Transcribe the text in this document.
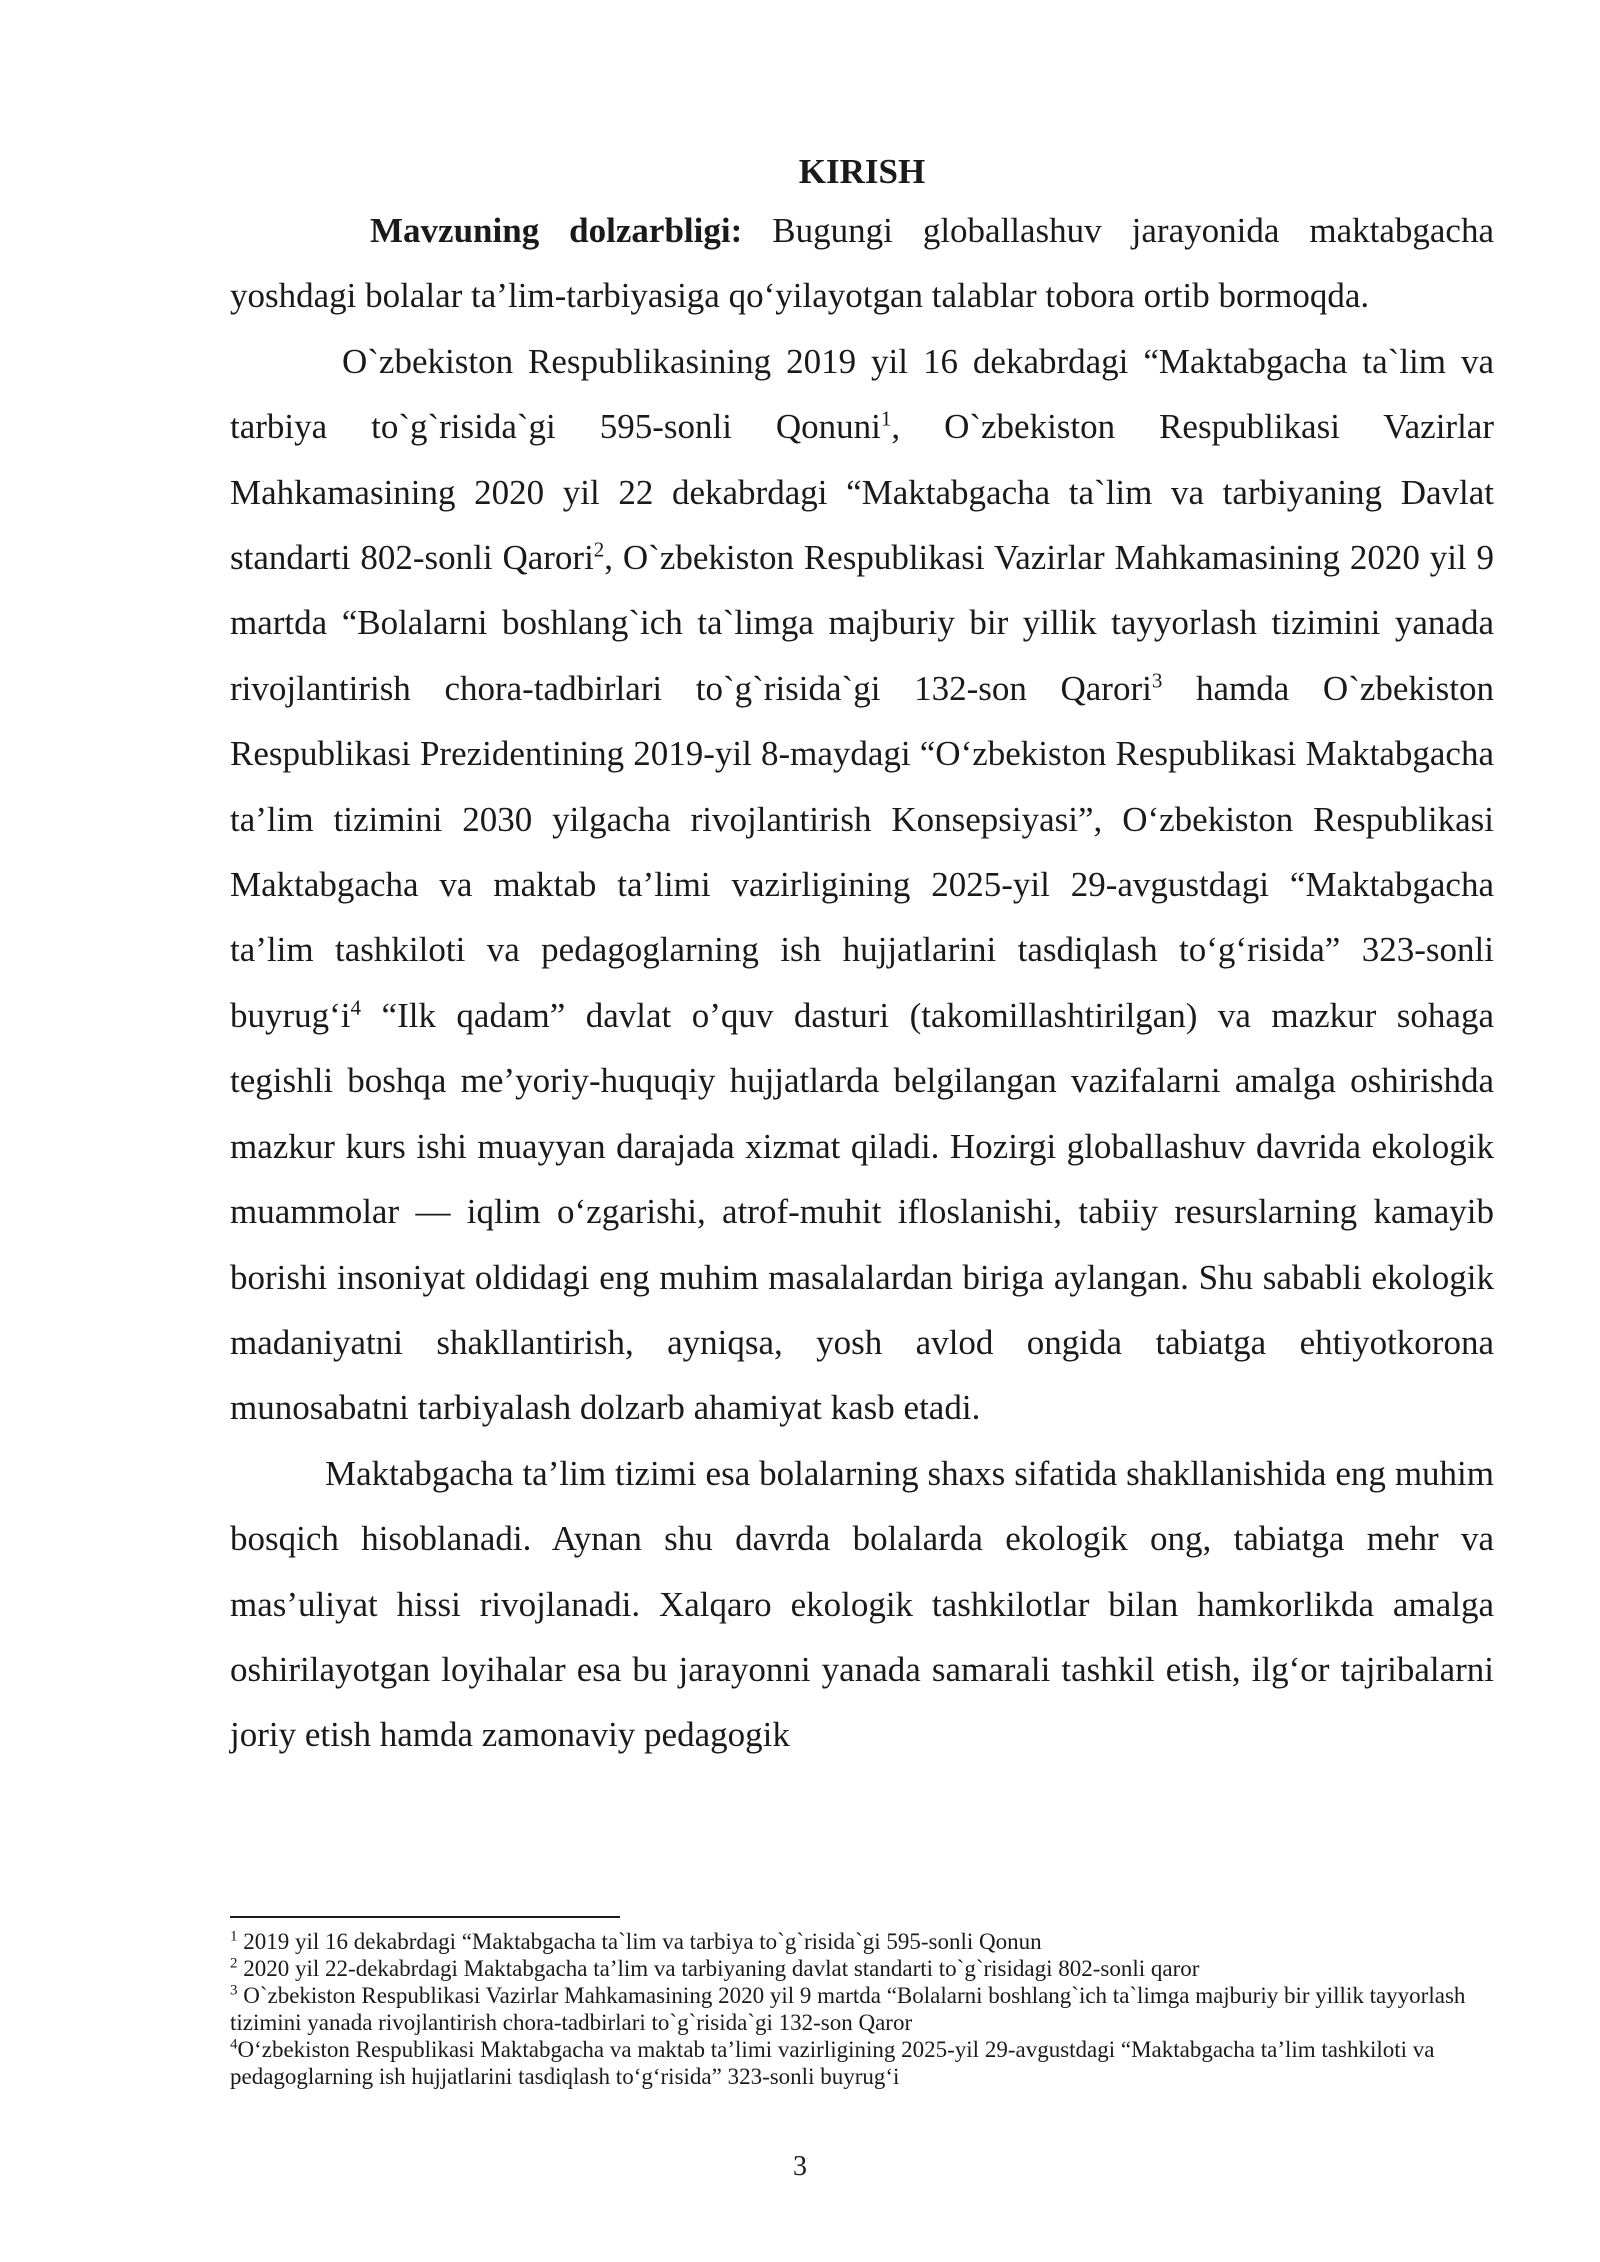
KIRISH

Mavzuning dolzarbligi: Bugungi globallashuv jarayonida maktabgacha yoshdagi bolalar ta’lim-tarbiyasiga qo‘yilayotgan talablar tobora ortib bormoqda.

O`zbekiston Respublikasining 2019 yil 16 dekabrdagi “Maktabgacha ta`lim va tarbiya to`g`risida`gi 595-sonli Qonuni$^1$, O`zbekiston Respublikasi Vazirlar Mahkamasining 2020 yil 22 dekabrdagi “Maktabgacha ta`lim va tarbiyaning Davlat standarti 802-sonli Qarori$^2$, O`zbekiston Respublikasi Vazirlar Mahkamasining 2020 yil 9 martda “Bolalarni boshlang`ich ta`limga majburiy bir yillik tayyorlash tizimini yanada rivojlantirish chora-tadbirlari to`g`risida`gi 132-son Qarori$^3$ hamda O`zbekiston Respublikasi Prezidentining 2019-yil 8-maydagi “O‘zbekiston Respublikasi Maktabgacha ta’lim tizimini 2030 yilgacha rivojlantirish Konsepsiyasi”, O‘zbekiston Respublikasi Maktabgacha va maktab ta’limi vazirligining 2025-yil 29-avgustdagi “Maktabgacha ta’lim tashkiloti va pedagoglarning ish hujjatlarini tasdiqlash to‘g‘risida” 323-sonli $buyrug‘i^4$ “Ilk qadam” davlat o’quv dasturi (takomillashtirilgan) va mazkur sohaga tegishli boshqa me’yoriy-huquqiy hujjatlarda belgilangan vazifalarni amalga oshirishda mazkur kurs ishi muayyan darajada xizmat qiladi. Hozirgi globallashuv davrida ekologik muammolar — iqlim o‘zgarishi, atrof-muhit ifloslanishi, tabiiy resurslarning kamayib borishi insoniyat oldidagi eng muhim masalalardan biriga aylangan. Shu sababli ekologik madaniyatni shakllantirish, ayniqsa, yosh avlod ongida tabiatga ehtiyotkorona munosabatni tarbiyalash dolzarb ahamiyat kasb etadi.

Maktabgacha ta’lim tizimi esa bolalarning shaxs sifatida shakllanishida eng muhim bosqich hisoblanadi. Aynan shu davrda bolalarda ekologik ong, tabiatga mehr va mas’uliyat hissi rivojlanadi. Xalqaro ekologik tashkilotlar bilan hamkorlikda amalga oshirilayotgan loyihalar esa bu jarayonni yanada samarali tashkil etish, ilg‘or tajribalarni joriy etish hamda zamonaviy pedagogik

$^1$ 2019 yil 16 dekabrdagi “Maktabgacha ta`lim va tarbiya to`g`risida`gi 595-sonli Qonun

$^2$ 2020 yil 22-dekabrdagi Maktabgacha ta’lim va tarbiyaning davlat standarti to`g`risidagi 802-sonli qaror

$^3$ O`zbekiston Respublikasi Vazirlar Mahkamasining 2020 yil 9 martda “Bolalarni boshlang`ich ta`limga majburiy bir yillik tayyorlash tizimini yanada rivojlantirish chora-tadbirlari to`g`risida`gi 132-son Qaror

$^4$O‘zbekiston Respublikasi Maktabgacha va maktab ta’limi vazirligining 2025-yil 29-avgustdagi “Maktabgacha ta’lim tashkiloti va pedagoglarning ish hujjatlarini tasdiqlash to‘g‘risida” 323-sonli buyrug‘i

3
